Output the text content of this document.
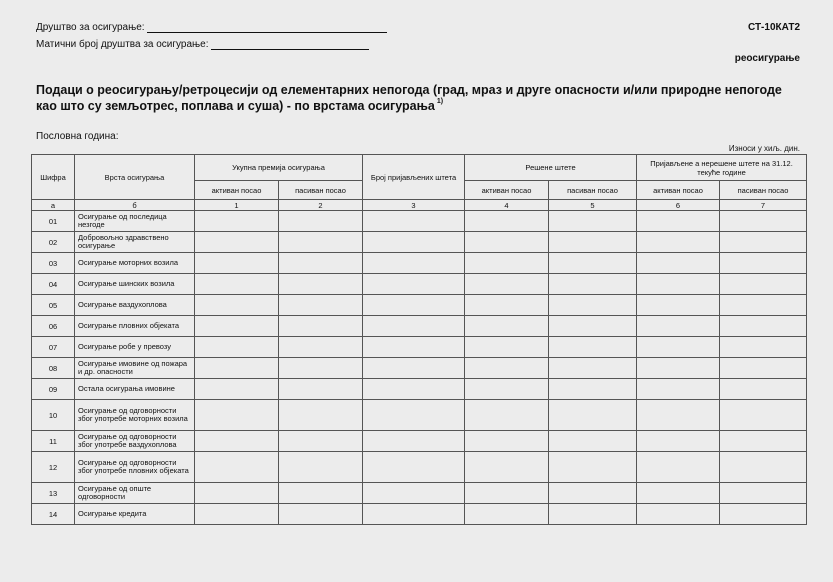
Друштво за осигурање:
Матични број друштва за осигурање:
СТ-10КАТ2
реосигурање
Подаци о реосигурању/ретроцесији од елементарних непогода (град, мраз и друге опасности и/или природне непогоде као што су земљотрес, поплава и суша) - по врстама осигурања $^{1)}$
Пословна година:
Износи у хиљ. дин.
Шифра	Врста осигурања	Укупна премија осигурања		Број пријављених штета	Решене штете		Пријављене а нерешене штете на 31.12. текуће године	
		активан посао	пасиван посао		активан посао	пасиван посао	активан посао	пасиван посао
а	б	1	2	3	4	5	6	7
01	Осигурање од последица незгоде							
02	Добровољно здравствено осигурање							
03	Осигурање моторних возила							
04	Осигурање шинских возила							
05	Осигурање ваздухоплова							
06	Осигурање пловних објеката							
07	Осигурање робе у превозу							
08	Осигурање имовине од пожара и др. опасности							
09	Остала осигурања имовине							
10	Осигурање од одговорности због употребе моторних возила							
11	Осигурање од одговорности због употребе ваздухоплова							
12	Осигурање од одговорности због употребе пловних објеката							
13	Осигурање од опште одговорности							
14	Осигурање кредита							
